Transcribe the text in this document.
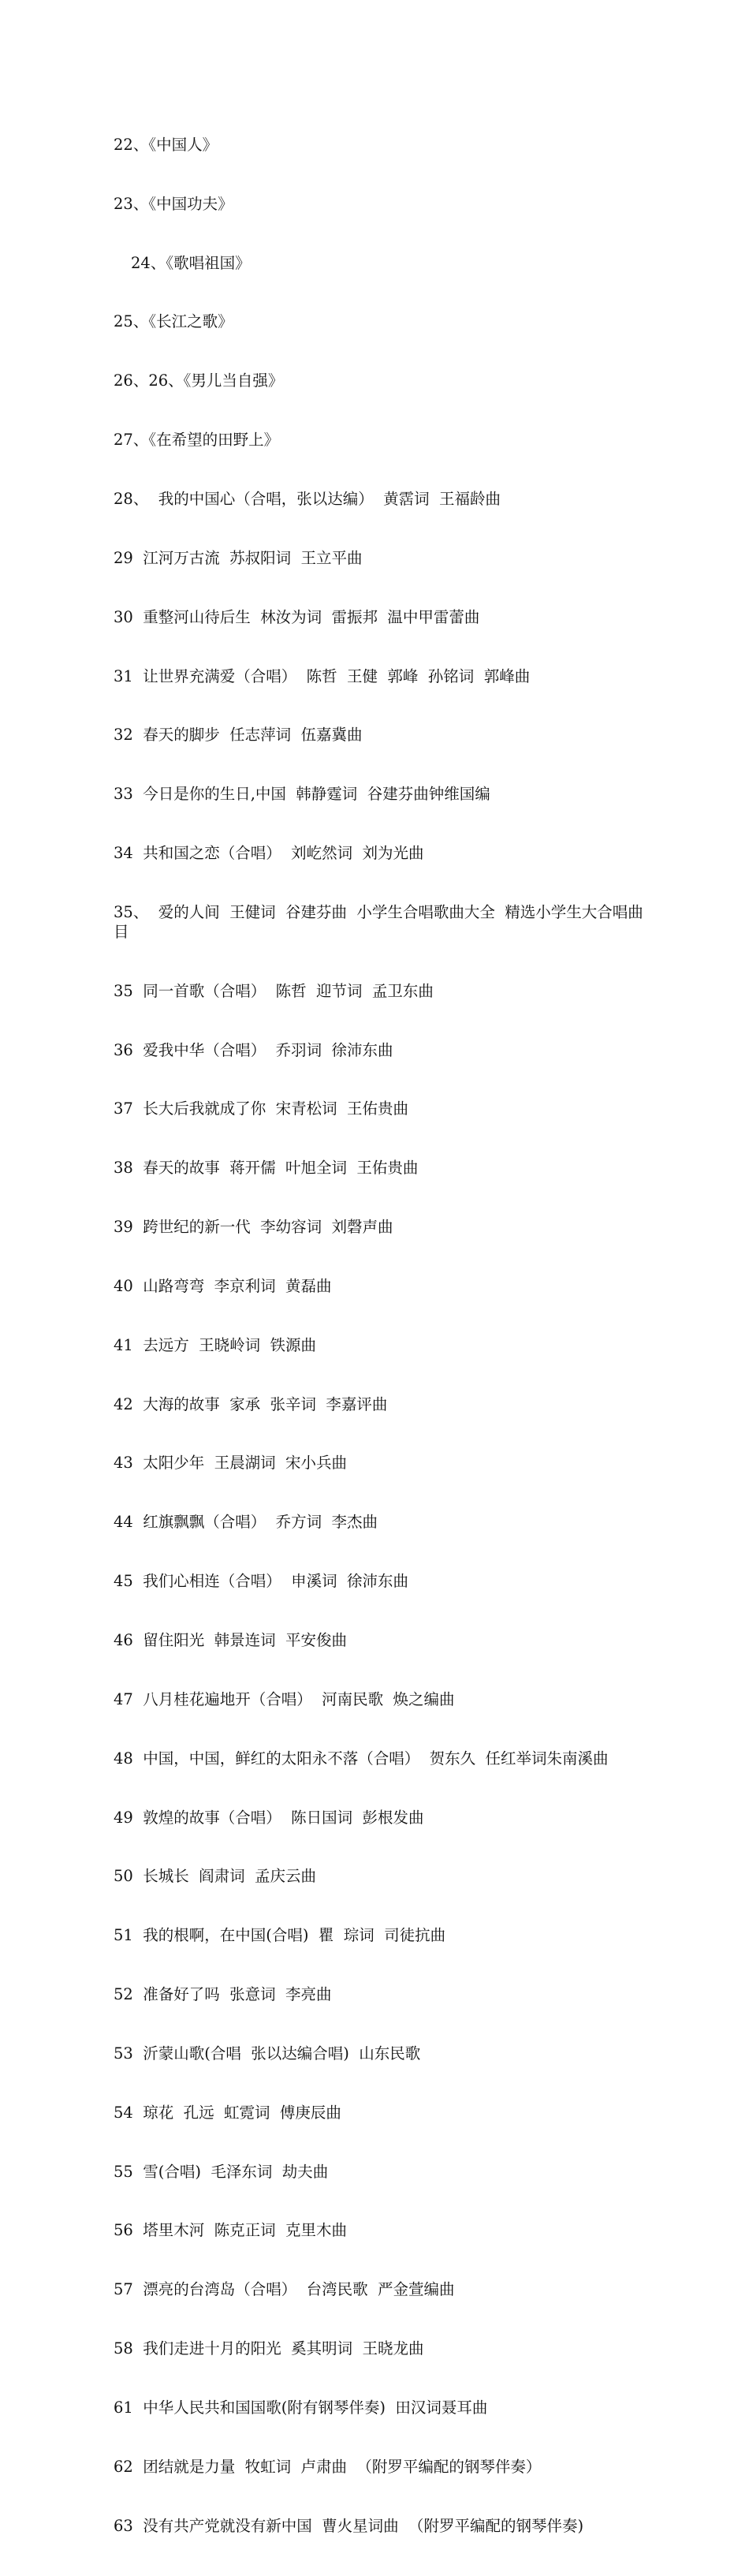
22、《中国人》

23、《中国功夫》

24、《歌唱祖国》

25、《长江之歌》

26、26、《男儿当自强》

27、《在希望的田野上》

28、  我的中国心（合唱，张以达编）  黄霑词  王福龄曲

29  江河万古流  苏叔阳词  王立平曲

30  重整河山待后生  林汝为词  雷振邦  温中甲雷蕾曲

31  让世界充满爱（合唱）  陈哲  王健  郭峰  孙铭词  郭峰曲

32  春天的脚步  任志萍词  伍嘉冀曲

33  今日是你的生日,中国  韩静霆词  谷建芬曲钟维国编

34  共和国之恋（合唱）  刘屹然词  刘为光曲

35、  爱的人间  王健词  谷建芬曲  小学生合唱歌曲大全  精选小学生大合唱曲目

35  同一首歌（合唱）  陈哲  迎节词  孟卫东曲

36  爱我中华（合唱）  乔羽词  徐沛东曲

37  长大后我就成了你  宋青松词  王佑贵曲

38  春天的故事  蒋开儒  叶旭全词  王佑贵曲

39  跨世纪的新一代  李幼容词  刘磬声曲

40  山路弯弯  李京利词  黄磊曲

41  去远方  王晓岭词  铁源曲

42  大海的故事  家承  张辛词  李嘉评曲

43  太阳少年  王晨湖词  宋小兵曲

44  红旗飘飘（合唱）  乔方词  李杰曲

45  我们心相连（合唱）  申溪词  徐沛东曲

46  留住阳光  韩景连词  平安俊曲

47  八月桂花遍地开（合唱）  河南民歌  焕之编曲

48  中国，中国，鲜红的太阳永不落（合唱）  贺东久  任红举词朱南溪曲

49  敦煌的故事（合唱）  陈日国词  彭根发曲

50  长城长  阎肃词  孟庆云曲

51  我的根啊，在中国(合唱)  瞿  琮词  司徒抗曲

52  准备好了吗  张意词  李亮曲

53  沂蒙山歌(合唱  张以达编合唱)  山东民歌

54  琼花  孔远  虹霓词  傅庚辰曲

55  雪(合唱)  毛泽东词  劫夫曲

56  塔里木河  陈克正词  克里木曲

57  漂亮的台湾岛（合唱）  台湾民歌  严金萱编曲

58  我们走进十月的阳光  奚其明词  王晓龙曲

61  中华人民共和国国歌(附有钢琴伴奏)  田汉词聂耳曲

62  团结就是力量  牧虹词  卢肃曲  （附罗平编配的钢琴伴奏）

63  没有共产党就没有新中国  曹火星词曲  （附罗平编配的钢琴伴奏)
